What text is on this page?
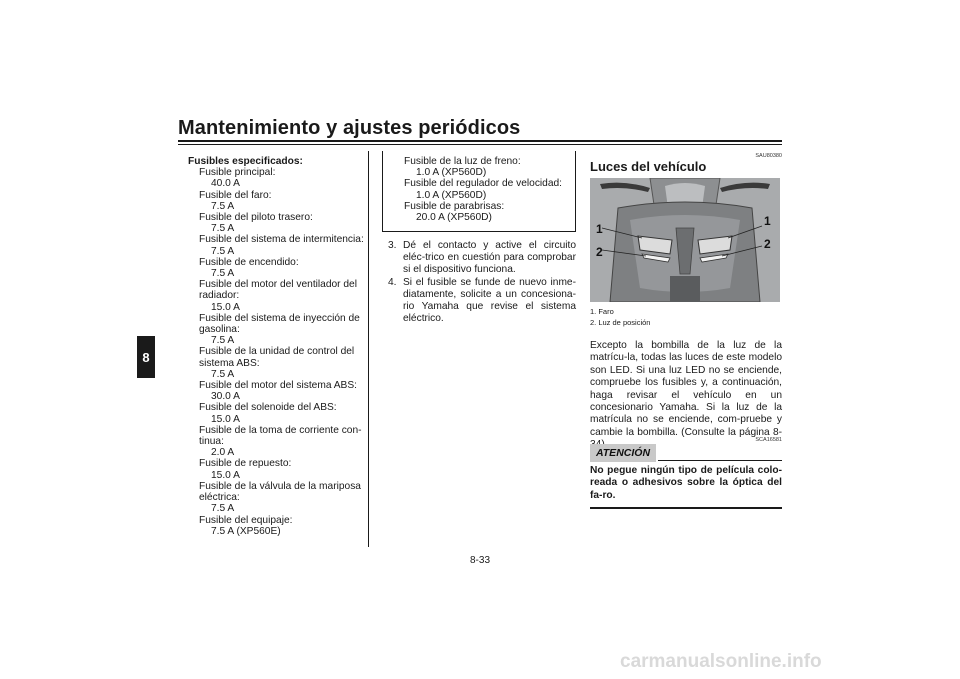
Mantenimiento y ajustes periódicos
8
Fusibles especificados:
Fusible principal:
40.0 A
Fusible del faro:
7.5 A
Fusible del piloto trasero:
7.5 A
Fusible del sistema de intermitencia:
7.5 A
Fusible de encendido:
7.5 A
Fusible del motor del ventilador del radiador:
15.0 A
Fusible del sistema de inyección de gasolina:
7.5 A
Fusible de la unidad de control del sistema ABS:
7.5 A
Fusible del motor del sistema ABS:
30.0 A
Fusible del solenoide del ABS:
15.0 A
Fusible de la toma de corriente con-tinua:
2.0 A
Fusible de repuesto:
15.0 A
Fusible de la válvula de la mariposa eléctrica:
7.5 A
Fusible del equipaje:
7.5 A (XP560E)
Fusible de la luz de freno:
1.0 A (XP560D)
Fusible del regulador de velocidad:
1.0 A (XP560D)
Fusible de parabrisas:
20.0 A (XP560D)
3. Dé el contacto y active el circuito eléc-trico en cuestión para comprobar si el dispositivo funciona.
4. Si el fusible se funde de nuevo inme-diatamente, solicite a un concesiona-rio Yamaha que revise el sistema eléctrico.
SAU80380
Luces del vehículo
1
2
1
2
1. Faro
2. Luz de posición
Excepto la bombilla de la luz de la matrícu-la, todas las luces de este modelo son LED. Si una luz LED no se enciende, compruebe los fusibles y, a continuación, haga revisar el vehículo en un concesionario Yamaha. Si la luz de la matrícula no se enciende, com-pruebe y cambie la bombilla. (Consulte la página 8-
SCA16581
ATENCIÓN
No pegue ningún tipo de película colo-reada o adhesivos sobre la óptica del fa-ro.
8-33
carmanualsonline.info
